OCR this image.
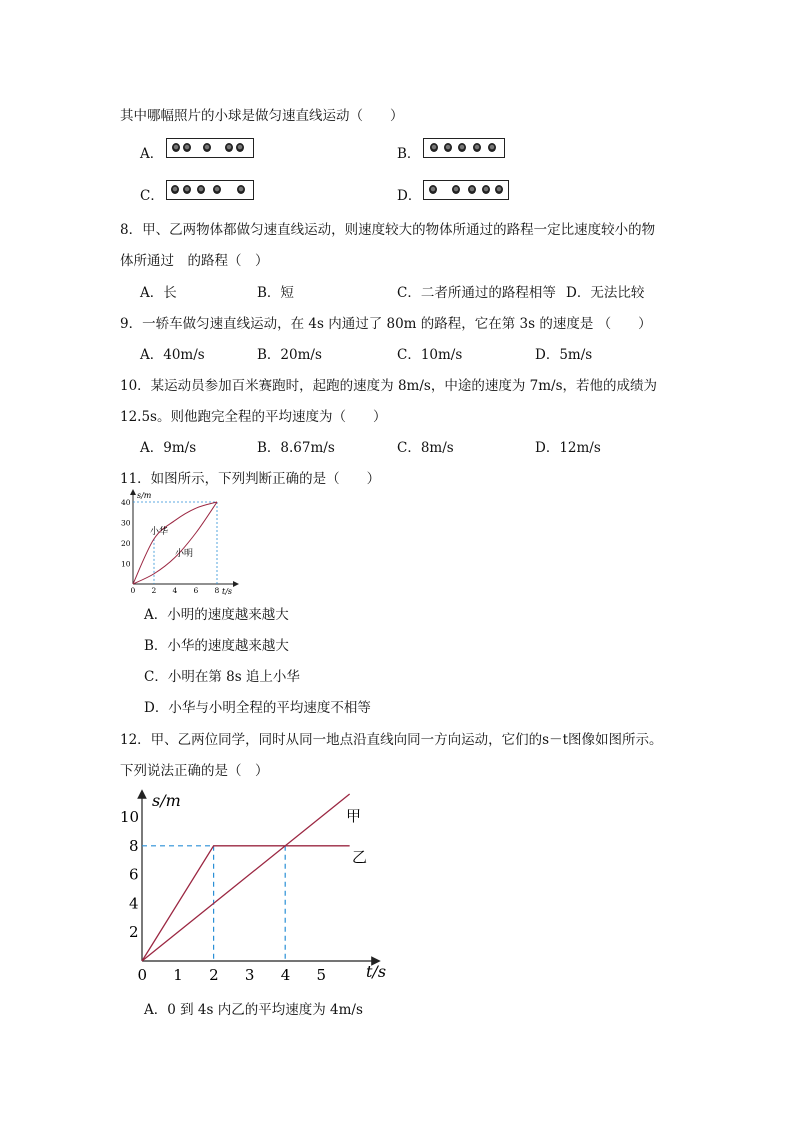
其中哪幅照片的小球是做匀速直线运动（　　）
A．	B．
C．	D．
8．甲、乙两物体都做匀速直线运动，则速度较大的物体所通过的路程一定比速度较小的物
体所通过　的路程（　）
A．长	B．短	C．二者所通过的路程相等 D．无法比较
9．一轿车做匀速直线运动，在 4s 内通过了 80m 的路程，它在第 3s 的速度是 （　　）
A．40m/s	B．20m/s	C．10m/s	D．5m/s
10．某运动员参加百米赛跑时，起跑的速度为 8m/s，中途的速度为 7m/s，若他的成绩为
12.5s。则他跑完全程的平均速度为（　　）
A．9m/s	B．8.67m/s	C．8m/s	D．12m/s
11．如图所示，下列判断正确的是（　　）
0 2 4 6 8
10
20
30
40
s/m
t/s
小华
小明
A．小明的速度越来越大
B．小华的速度越来越大
C．小明在第 8s 追上小华
D．小华与小明全程的平均速度不相等
12．甲、乙两位同学，同时从同一地点沿直线向同一方向运动，它们的s－t图像如图所示。
下列说法正确的是（　）
0 1 2 3 4 5
2
4
6
8
10
s/m
t/s
甲
乙
A．0 到 4s 内乙的平均速度为 4m/s
